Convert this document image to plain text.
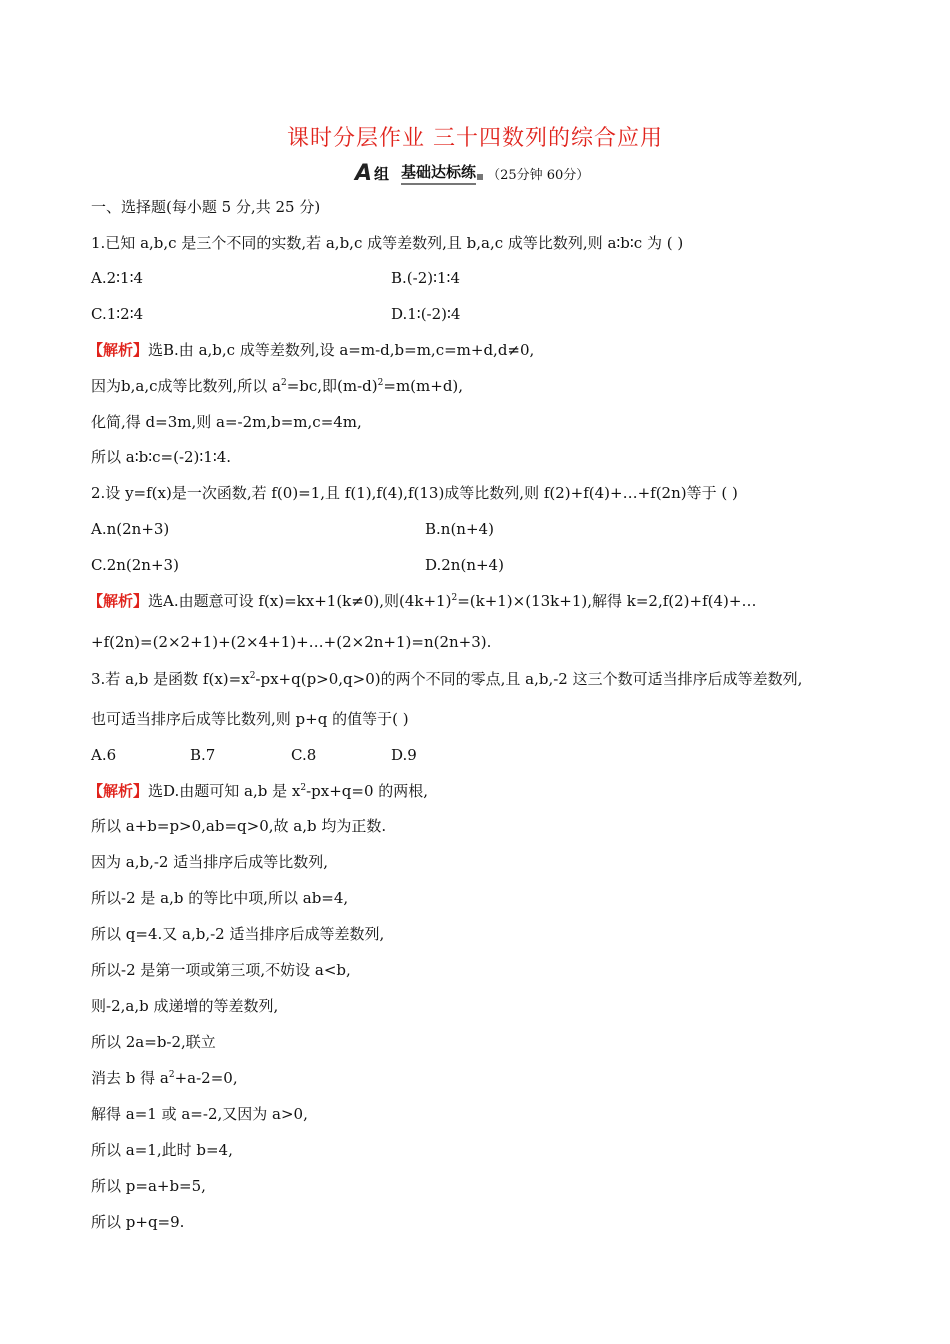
课时分层作业 三十四数列的综合应用
A 组 基础达标练 （25分钟 60分）
一、选择题(每小题 5 分,共 25 分)
1.已知 a,b,c 是三个不同的实数,若 a,b,c 成等差数列,且 b,a,c 成等比数列,则 a∶b∶c 为 ( )
A.2∶1∶4	B.(-2)∶1∶4
C.1∶2∶4	D.1∶(-2)∶4
【解析】选B.由 a,b,c 成等差数列,设 a=m-d,b=m,c=m+d,d≠0,
因为b,a,c成等比数列,所以 $a^2=bc$,即$(m-d)^2=m(m+d)$,
化简,得 d=3m,则 a=-2m,b=m,c=4m,
所以 a∶b∶c=(-2)∶1∶4.
2.设 y=f(x)是一次函数,若 f(0)=1,且 f(1),f(4),f(13)成等比数列,则 f(2)+f(4)+…+f(2n)等于 ( )
A.n(2n+3)	B.n(n+4)
C.2n(2n+3)	D.2n(n+4)
【解析】选A.由题意可设 f(x)=kx+1(k≠0),则$(4k+1)^2=(k+1)\times(13k+1)$,解得 k=2,f(2)+f(4)+…
+f(2n)=(2×2+1)+(2×4+1)+…+(2×2n+1)=n(2n+3).
3.若 a,b 是函数 $f(x)=x^2-px+q(p>0,q>0)$的两个不同的零点,且 a,b,-2 这三个数可适当排序后成等差数列,
也可适当排序后成等比数列,则 p+q 的值等于( )
A.6	B.7	C.8	D.9
【解析】选D.由题可知 a,b 是 $x^2-px+q=0$ 的两根,
所以 a+b=p>0,ab=q>0,故 a,b 均为正数.
因为 a,b,-2 适当排序后成等比数列,
所以-2 是 a,b 的等比中项,所以 ab=4,
所以 q=4.又 a,b,-2 适当排序后成等差数列,
所以-2 是第一项或第三项,不妨设 a<b,
则-2,a,b 成递增的等差数列,
所以 2a=b-2,联立
消去 b 得 $a^2+a-2=0$,
解得 a=1 或 a=-2,又因为 a>0,
所以 a=1,此时 b=4,
所以 p=a+b=5,
所以 p+q=9.
